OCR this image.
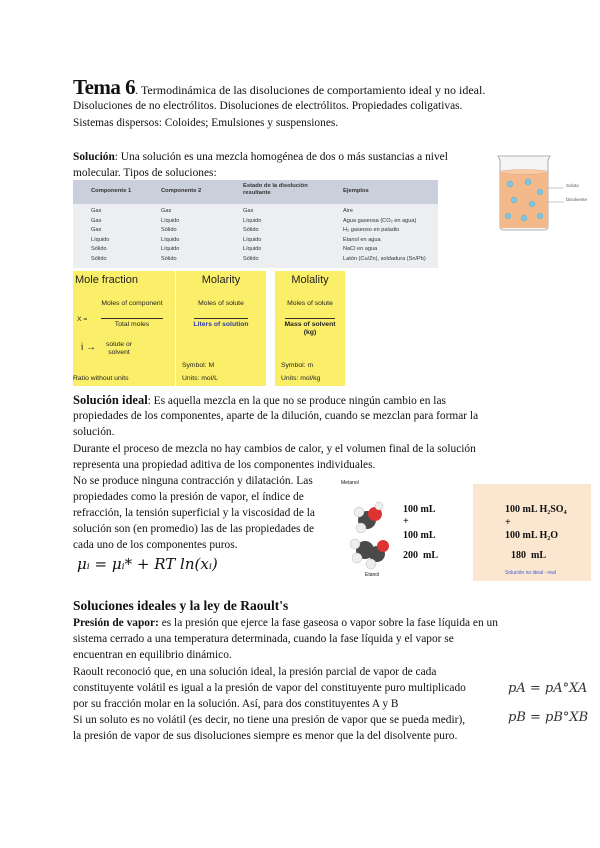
Tema 6. Termodinámica de las disoluciones de comportamiento ideal y no ideal.
Disoluciones de no electrólitos. Disoluciones de electrólitos. Propiedades coligativas.
Sistemas dispersos: Coloides; Emulsiones y suspensiones.
Solución: Una solución es una mezcla homogénea de dos o más sustancias a nivel
molecular. Tipos de soluciones:
Soluto
Disolvente
Componente 1	Componente 2
Estado de la disolución resultante	Ejemplos
Gas	Gas	Gas	Aire
Gas	Líquido	Líquido	Agua gaseosa (CO₂ en agua)
Gas	Sólido	Sólido	H₂ gaseoso en paladio
Líquido	Líquido	Líquido	Etanol en agua
Sólido	Líquido	Líquido	NaCl en agua
Sólido	Sólido	Sólido	Latón (Cu/Zn), soldadura (Sn/Pb)
Mole fraction
X =
Moles of component
Total moles
i →	solute or solvent
Ratio without units
Molarity
Moles of solute
Liters of solution
Symbol: M
Units: mol/L
Molality
Moles of solute
Mass of solvent (kg)
Symbol: m
Units: mol/kg
Solución ideal: Es aquella mezcla en la que no se produce ningún cambio en las
propiedades de los componentes, aparte de la dilución, cuando se mezclan para formar la
solución.
Durante el proceso de mezcla no hay cambios de calor, y el volumen final de la solución
representa una propiedad aditiva de los componentes individuales.
No se produce ninguna contracción y dilatación. Las
propiedades como la presión de vapor, el índice de
refracción, la tensión superficial y la viscosidad de la
solución son (en promedio) las de las propiedades de
cada uno de los componentes puros.
μᵢ = μᵢ* + RT ln(xᵢ)
Metanol
100 mL
+
100 mL
200  mL
Etanol
100 mL H₂SO₄
+
100 mL H₂O
180  mL
Solución no ideal - real
Soluciones ideales y la ley de Raoult's
Presión de vapor: es la presión que ejerce la fase gaseosa o vapor sobre la fase líquida en un
sistema cerrado a una temperatura determinada, cuando la fase líquida y el vapor se
encuentran en equilibrio dinámico.
Raoult reconoció que, en una solución ideal, la presión parcial de vapor de cada
constituyente volátil es igual a la presión de vapor del constituyente puro multiplicado
por su fracción molar en la solución. Así, para dos constituyentes A y B
Si un soluto es no volátil (es decir, no tiene una presión de vapor que se pueda medir),
la presión de vapor de sus disoluciones siempre es menor que la del disolvente puro.
pA = pA°XA
pB = pB°XB
